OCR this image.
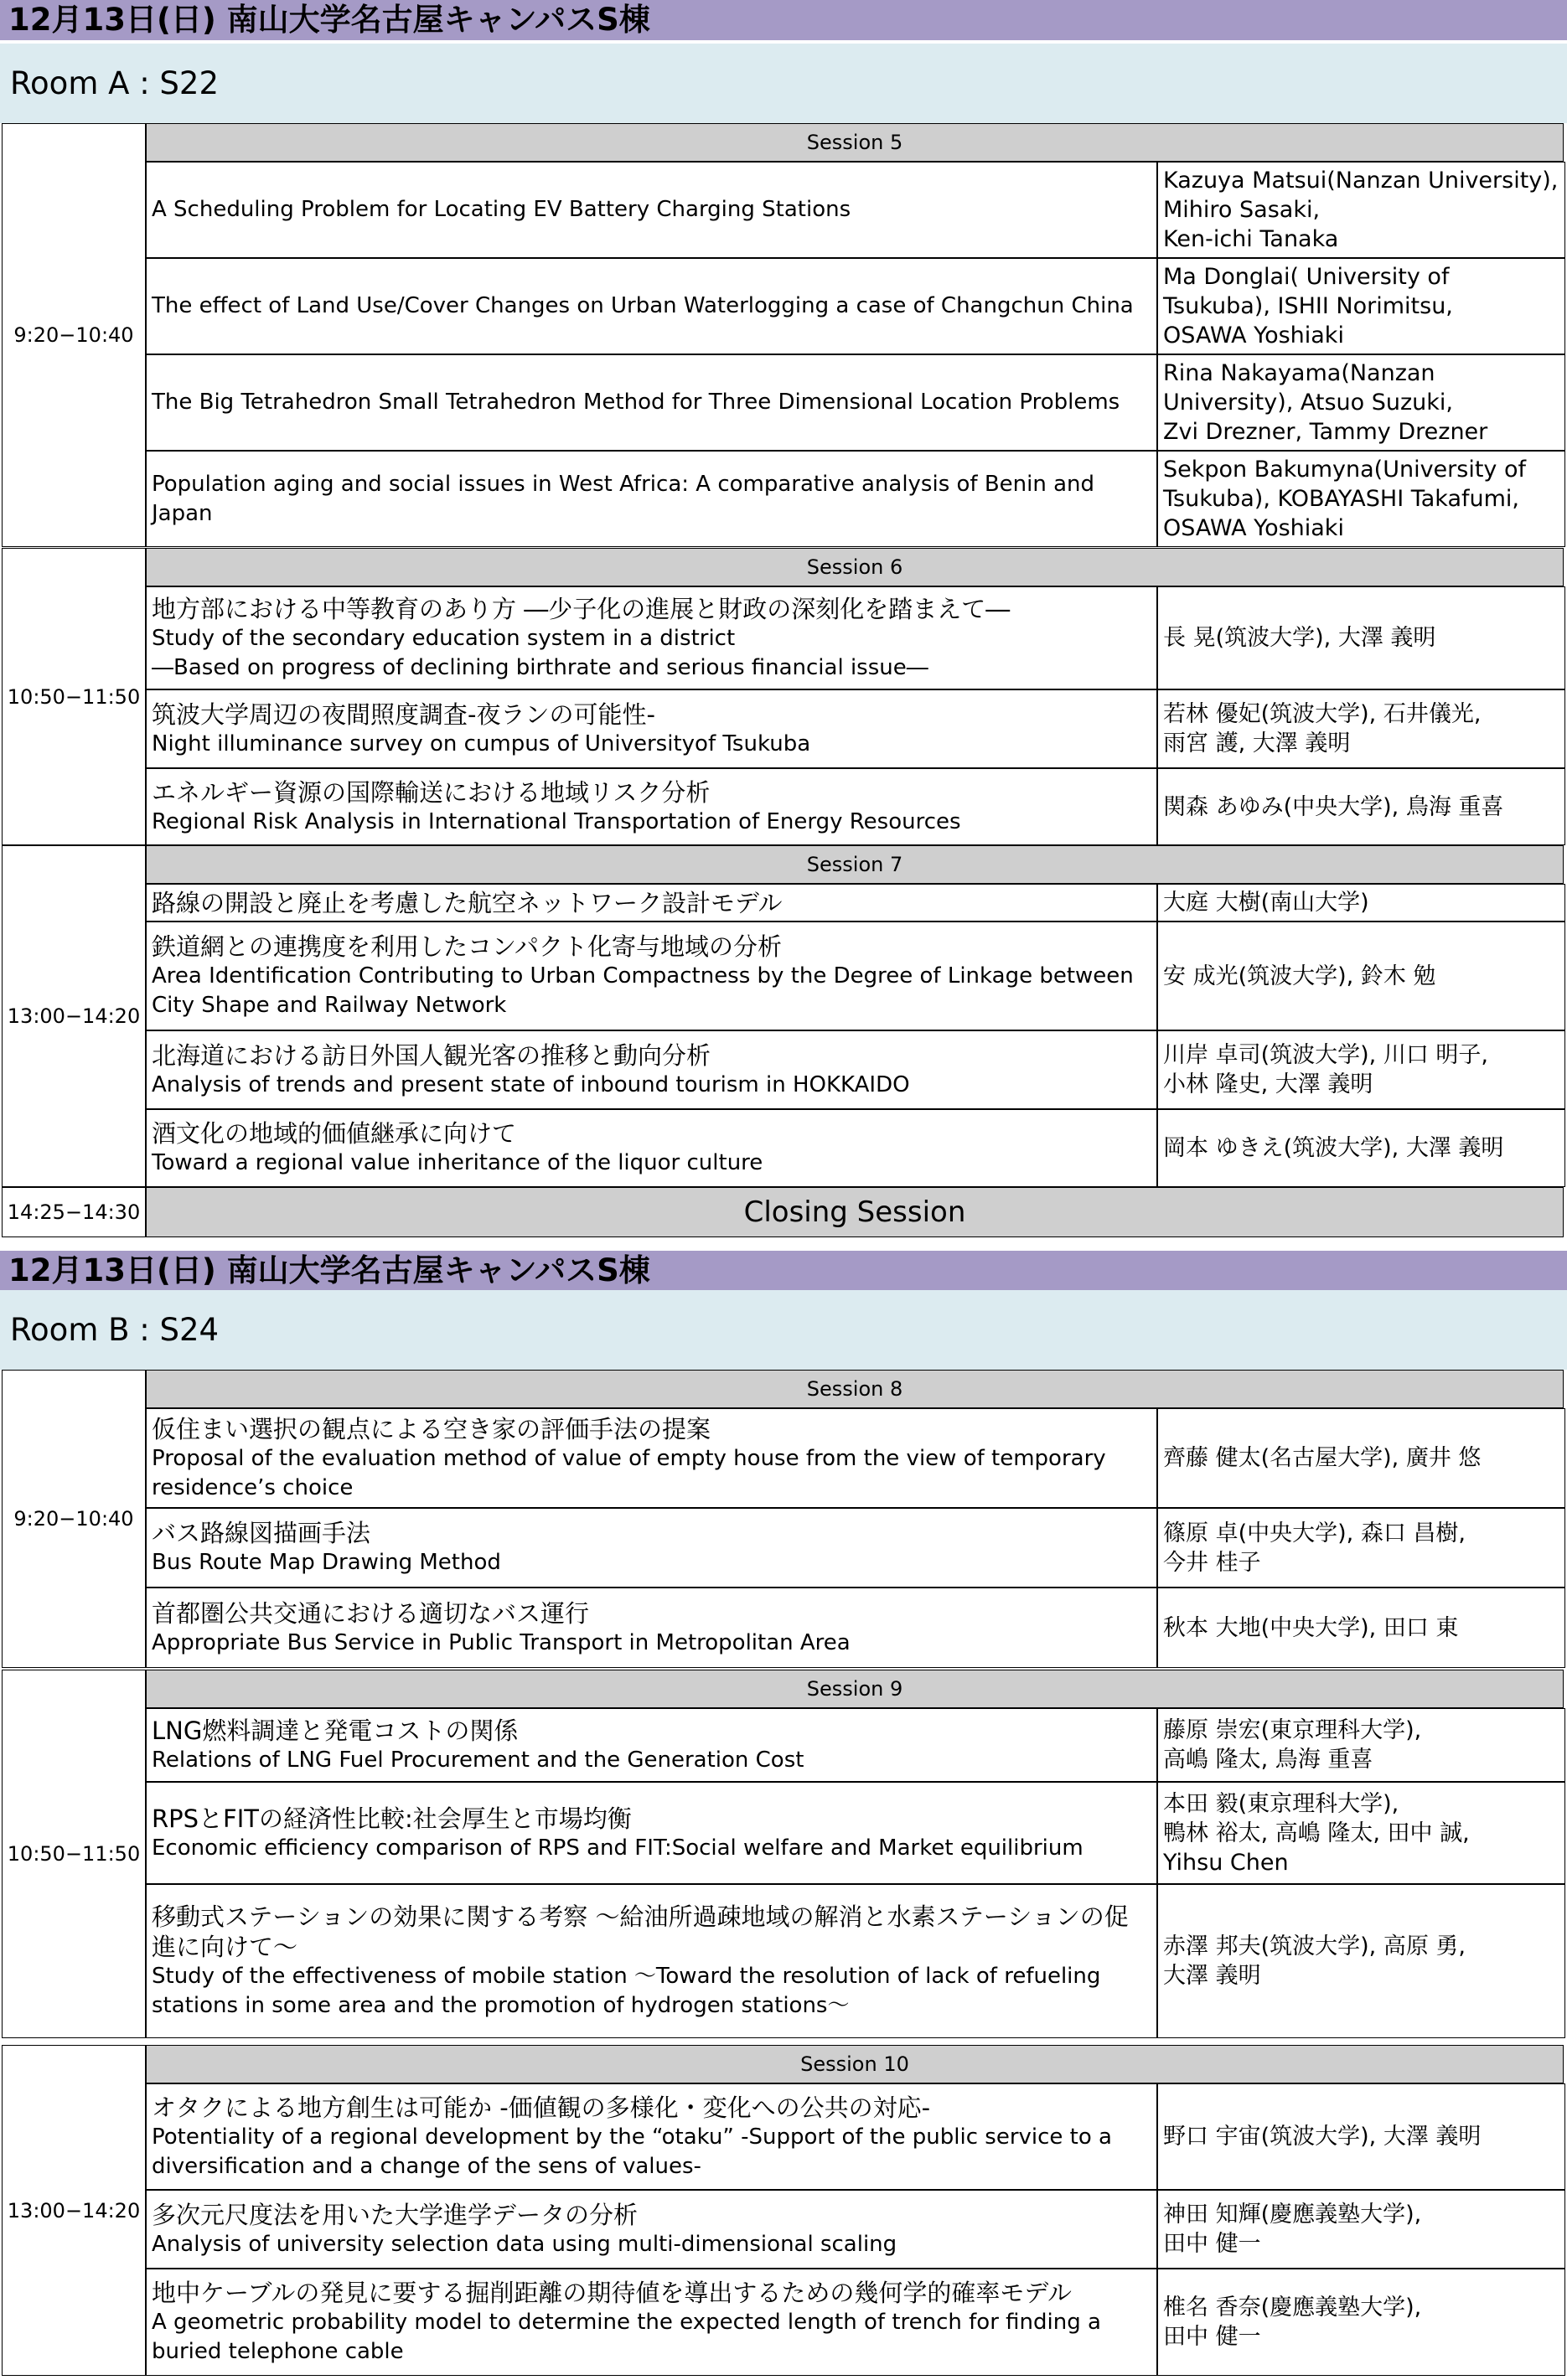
12月13日(日) 南山大学名古屋キャンパスS棟
Room A : S22
9:20−10:40
Session 5
A Scheduling Problem for Locating EV Battery Charging Stations
Kazuya Matsui(Nanzan University),
Mihiro Sasaki,
Ken-ichi Tanaka
The effect of Land Use/Cover Changes on Urban Waterlogging a case of Changchun China
Ma Donglai( University of
Tsukuba), ISHII Norimitsu,
OSAWA Yoshiaki
The Big Tetrahedron Small Tetrahedron Method for Three Dimensional Location Problems
Rina Nakayama(Nanzan
University), Atsuo Suzuki,
Zvi Drezner, Tammy Drezner
Population aging and social issues in West Africa: A comparative analysis of Benin and Japan
Sekpon Bakumyna(University of
Tsukuba), KOBAYASHI Takafumi,
OSAWA Yoshiaki
10:50−11:50
Session 6
地方部における中等教育のあり方 ―少子化の進展と財政の深刻化を踏まえて―
Study of the secondary education system in a district
―Based on progress of declining birthrate and serious financial issue―
長 晃(筑波大学), 大澤 義明
筑波大学周辺の夜間照度調査-夜ランの可能性-
Night illuminance survey on cumpus of Universityof Tsukuba
若林 優妃(筑波大学), 石井儀光,
雨宮 護, 大澤 義明
エネルギー資源の国際輸送における地域リスク分析
Regional Risk Analysis in International Transportation of Energy Resources
関森 あゆみ(中央大学), 鳥海 重喜
13:00−14:20
Session 7
路線の開設と廃止を考慮した航空ネットワーク設計モデル	大庭 大樹(南山大学)
鉄道網との連携度を利用したコンパクト化寄与地域の分析
Area Identification Contributing to Urban Compactness by the Degree of Linkage between City Shape and Railway Network
安 成光(筑波大学), 鈴木 勉
北海道における訪日外国人観光客の推移と動向分析
Analysis of trends and present state of inbound tourism in HOKKAIDO
川岸 卓司(筑波大学), 川口 明子,
小林 隆史, 大澤 義明
酒文化の地域的価値継承に向けて
Toward a regional value inheritance of the liquor culture
岡本 ゆきえ(筑波大学), 大澤 義明
14:25−14:30	Closing Session
12月13日(日) 南山大学名古屋キャンパスS棟
Room B : S24
9:20−10:40
Session 8
仮住まい選択の観点による空き家の評価手法の提案
Proposal of the evaluation method of value of empty house from the view of temporary residence’s choice
齊藤 健太(名古屋大学), 廣井 悠
バス路線図描画手法
Bus Route Map Drawing Method
篠原 卓(中央大学), 森口 昌樹,
今井 桂子
首都圏公共交通における適切なバス運行
Appropriate Bus Service in Public Transport in Metropolitan Area
秋本 大地(中央大学), 田口 東
10:50−11:50
Session 9
LNG燃料調達と発電コストの関係
Relations of LNG Fuel Procurement and the Generation Cost
藤原 崇宏(東京理科大学),
高嶋 隆太, 鳥海 重喜
RPSとFITの経済性比較:社会厚生と市場均衡
Economic efficiency comparison of RPS and FIT:Social welfare and Market equilibrium
本田 毅(東京理科大学),
鴨林 裕太, 高嶋 隆太, 田中 誠,
Yihsu Chen
移動式ステーションの効果に関する考察 ～給油所過疎地域の解消と水素ステーションの促進に向けて～
Study of the effectiveness of mobile station ～Toward the resolution of lack of refueling stations in some area and the promotion of hydrogen stations～
赤澤 邦夫(筑波大学), 高原 勇,
大澤 義明
13:00−14:20
Session 10
オタクによる地方創生は可能か -価値観の多様化・変化への公共の対応-
Potentiality of a regional development by the “otaku” -Support of the public service to a diversification and a change of the sens of values-
野口 宇宙(筑波大学), 大澤 義明
多次元尺度法を用いた大学進学データの分析
Analysis of university selection data using multi-dimensional scaling
神田 知輝(慶應義塾大学),
田中 健一
地中ケーブルの発見に要する掘削距離の期待値を導出するための幾何学的確率モデル
A geometric probability model to determine the expected length of trench for finding a buried telephone cable
椎名 香奈(慶應義塾大学),
田中 健一
